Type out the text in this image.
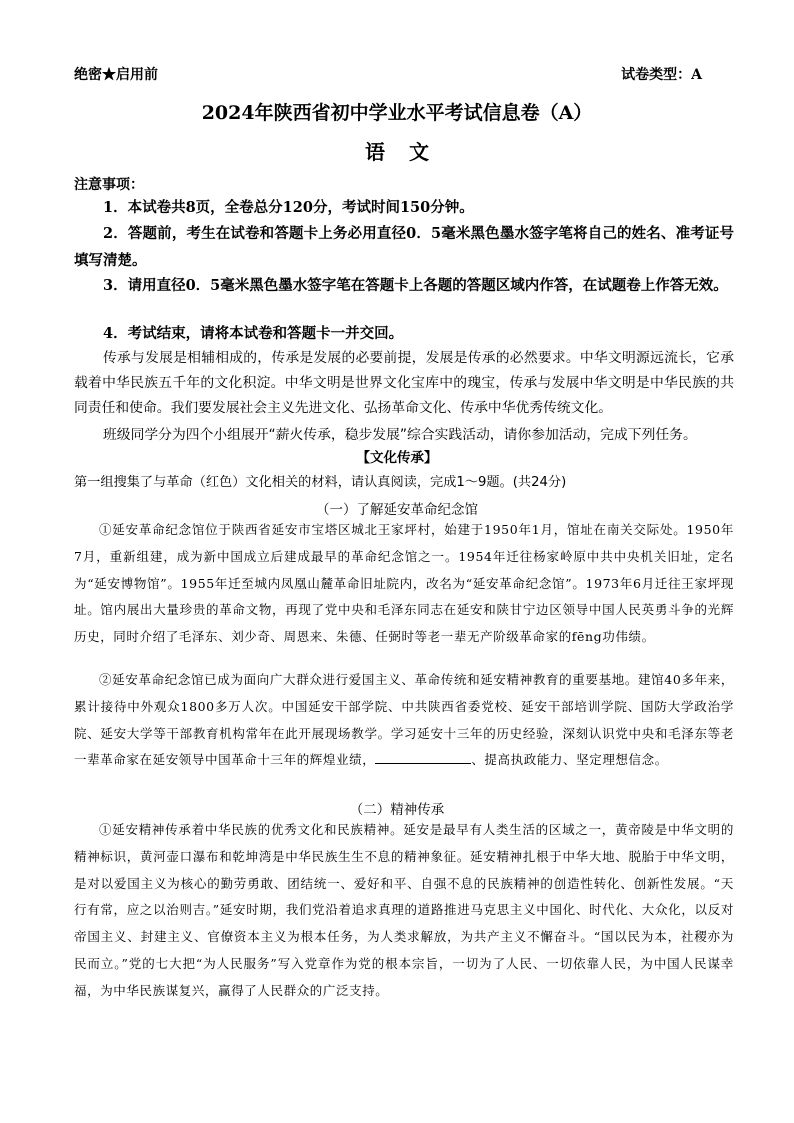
绝密★启用前	试卷类型：A
2024年陕西省初中学业水平考试信息卷（A）
语文
注意事项：

1．本试卷共8页，全卷总分120分，考试时间150分钟。

2．答题前，考生在试卷和答题卡上务必用直径0．5毫米黑色墨水签字笔将自己的姓名、准考证号填写清楚。

3．请用直径0．5毫米黑色墨水签字笔在答题卡上各题的答题区域内作答，在试题卷上作答无效。

4．考试结束，请将本试卷和答题卡一并交回。

传承与发展是相辅相成的，传承是发展的必要前提，发展是传承的必然要求。中华文明源远流长，它承载着中华民族五千年的文化积淀。中华文明是世界文化宝库中的瑰宝，传承与发展中华文明是中华民族的共同责任和使命。我们要发展社会主义先进文化、弘扬革命文化、传承中华优秀传统文化。

班级同学分为四个小组展开“薪火传承，稳步发展”综合实践活动，请你参加活动，完成下列任务。

【文化传承】
第一组搜集了与革命（红色）文化相关的材料，请认真阅读，完成1～9题。(共24分)
（一）了解延安革命纪念馆

①延安革命纪念馆位于陕西省延安市宝塔区城北王家坪村，始建于1950年1月，馆址在南关交际处。1950年7月，重新组建，成为新中国成立后建成最早的革命纪念馆之一。1954年迁往杨家岭原中共中央机关旧址，定名为“延安博物馆”。1955年迁至城内凤凰山麓革命旧址院内，改名为“延安革命纪念馆”。1973年6月迁往王家坪现址。馆内展出大量珍贵的革命文物，再现了党中央和毛泽东同志在延安和陕甘宁边区领导中国人民英勇斗争的光辉历史，同时介绍了毛泽东、刘少奇、周恩来、朱德、任弼时等老一辈无产阶级革命家的fēng功伟绩。

②延安革命纪念馆已成为面向广大群众进行爱国主义、革命传统和延安精神教育的重要基地。建馆40多年来，累计接待中外观众1800多万人次。中国延安干部学院、中共陕西省委党校、延安干部培训学院、国防大学政治学院、延安大学等干部教育机构常年在此开展现场教学。学习延安十三年的历史经验，深刻认识党中央和毛泽东等老一辈革命家在延安领导中国革命十三年的辉煌业绩，	、提高执政能力、坚定理想信念。

（二）精神传承

①延安精神传承着中华民族的优秀文化和民族精神。延安是最早有人类生活的区域之一，黄帝陵是中华文明的精神标识，黄河壶口瀑布和乾坤湾是中华民族生生不息的精神象征。延安精神扎根于中华大地、脱胎于中华文明，是对以爱国主义为核心的勤劳勇敢、团结统一、爱好和平、自强不息的民族精神的创造性转化、创新性发展。“天行有常，应之以治则吉。”延安时期，我们党沿着追求真理的道路推进马克思主义中国化、时代化、大众化，以反对帝国主义、封建主义、官僚资本主义为根本任务，为人类求解放，为共产主义不懈奋斗。“国以民为本，社稷亦为民而立。”党的七大把“为人民服务”写入党章作为党的根本宗旨，一切为了人民、一切依靠人民，为中国人民谋幸福，为中华民族谋复兴，赢得了人民群众的广泛支持。
